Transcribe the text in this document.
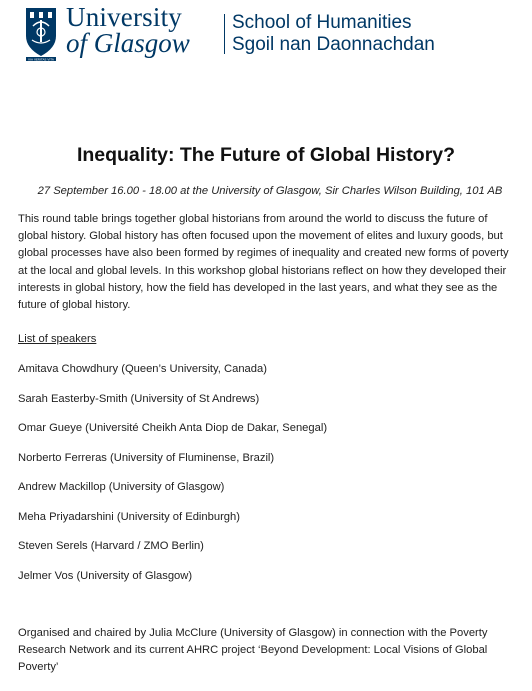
VIA VERITAS VITA
University
of Glasgow
School of Humanities
Sgoil nan Daonnachdan
Inequality: The Future of Global History?
27 September 16.00 - 18.00 at the University of Glasgow, Sir Charles Wilson Building, 101 AB

This round table brings together global historians from around the world to discuss the future of global history. Global history has often focused upon the movement of elites and luxury goods, but global processes have also been formed by regimes of inequality and created new forms of poverty at the local and global levels. In this workshop global historians reflect on how they developed their interests in global history, how the field has developed in the last years, and what they see as the future of global history.

List of speakers
Amitava Chowdhury (Queen’s University, Canada)
Sarah Easterby-Smith (University of St Andrews)
Omar Gueye (Université Cheikh Anta Diop de Dakar, Senegal)
Norberto Ferreras (University of Fluminense, Brazil)
Andrew Mackillop (University of Glasgow)
Meha Priyadarshini (University of Edinburgh)
Steven Serels (Harvard / ZMO Berlin)
Jelmer Vos (University of Glasgow)

Organised and chaired by Julia McClure (University of Glasgow) in connection with the Poverty Research Network and its current AHRC project ‘Beyond Development: Local Visions of Global Poverty’
